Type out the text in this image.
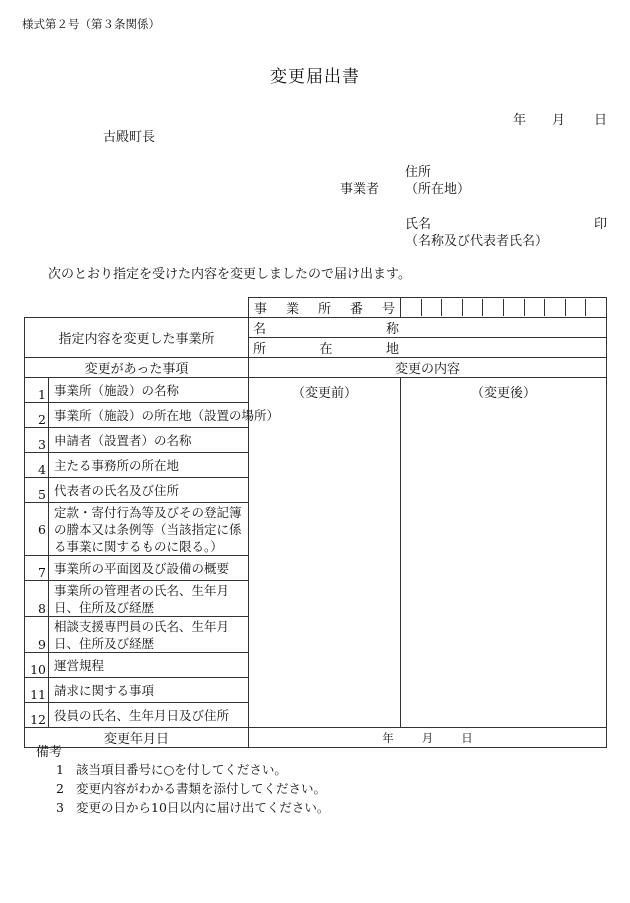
様式第２号（第３条関係）
変更届出書
年 月 日
古殿町長
事業者
住所
（所在地）
氏名
（名称及び代表者氏名）
印
次のとおり指定を受けた内容を変更しましたので届け出ます。

		事 業 所 番 号	

指定内容を変更した事業所		名 称	

		所 在 地	

変更があった事項		変更の内容	
1	事業所（施設）の名称	（変更前）	（変更後）

2	事業所（施設）の所在地（設置の場所）		
3	申請者（設置者）の名称		
4	主たる事務所の所在地		
5	代表者の氏名及び住所		
6	定款・寄付行為等及びその登記簿の謄本又は条例等（当該指定に係る事業に関するものに限る。）		
7	事業所の平面図及び設備の概要		
8	事業所の管理者の氏名、生年月日、住所及び経歴		
9	相談支援専門員の氏名、生年月日、住所及び経歴		
10	運営規程		
11	請求に関する事項		
12	役員の氏名、生年月日及び住所		
変更年月日		年 月 日	
備考
1 該当項目番号に○を付してください。
2 変更内容がわかる書類を添付してください。
3 変更の日から10日以内に届け出てください。
